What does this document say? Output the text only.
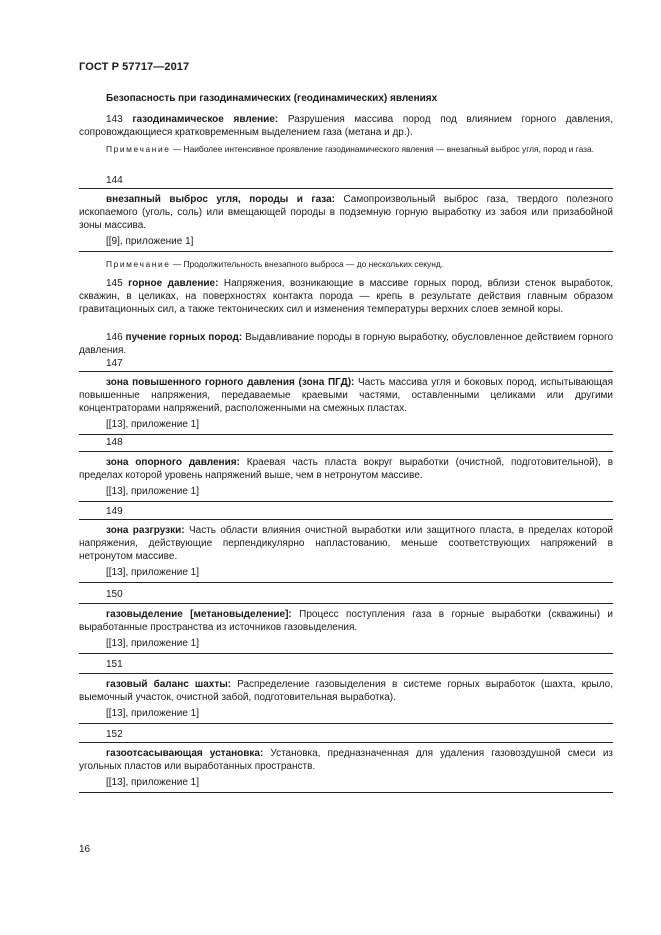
ГОСТ Р 57717—2017
Безопасность при газодинамических (геодинамических) явлениях
143 газодинамическое явление: Разрушения массива пород под влиянием горного давления, сопровождающиеся кратковременным выделением газа (метана и др.).
Примечание — Наиболее интенсивное проявление газодинамического явления — внезапный выброс угля, пород и газа.
144
внезапный выброс угля, породы и газа: Самопроизвольный выброс газа, твердого полезного ископаемого (уголь, соль) или вмещающей породы в подземную горную выработку из забоя или призабойной зоны массива.
[[9], приложение 1]
Примечание — Продолжительность внезапного выброса — до нескольких секунд.
145 горное давление: Напряжения, возникающие в массиве горных пород, вблизи стенок выработок, скважин, в целиках, на поверхностях контакта порода — крепь в результате действия главным образом гравитационных сил, а также тектонических сил и изменения температуры верхних слоев земной коры.
146 пучение горных пород: Выдавливание породы в горную выработку, обусловленное действием горного давления.
147
зона повышенного горного давления (зона ПГД): Часть массива угля и боковых пород, испытывающая повышенные напряжения, передаваемые краевыми частями, оставленными целиками или другими концентраторами напряжений, расположенными на смежных пластах.
[[13], приложение 1]
148
зона опорного давления: Краевая часть пласта вокруг выработки (очистной, подготовительной), в пределах которой уровень напряжений выше, чем в нетронутом массиве.
[[13], приложение 1]
149
зона разгрузки: Часть области влияния очистной выработки или защитного пласта, в пределах которой напряжения, действующие перпендикулярно напластованию, меньше соответствующих напряжений в нетронутом массиве.
[[13], приложение 1]
150
газовыделение [метановыделение]: Процесс поступления газа в горные выработки (скважины) и выработанные пространства из источников газовыделения.
[[13], приложение 1]
151
газовый баланс шахты: Распределение газовыделения в системе горных выработок (шахта, крыло, выемочный участок, очистной забой, подготовительная выработка).
[[13], приложение 1]
152
газоотсасывающая установка: Установка, предназначенная для удаления газовоздушной смеси из угольных пластов или выработанных пространств.
[[13], приложение 1]
16
